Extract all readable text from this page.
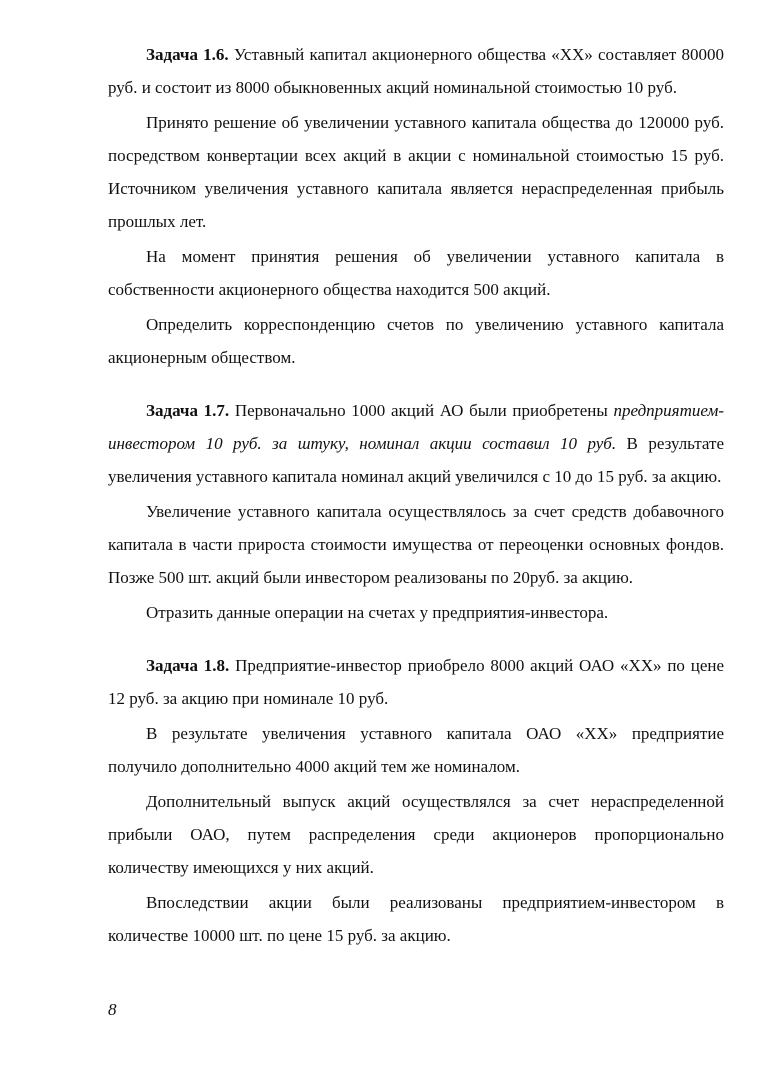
Задача 1.6. Уставный капитал акционерного общества «XX» составляет 80000 руб. и состоит из 8000 обыкновенных акций номинальной стоимостью 10 руб.

Принято решение об увеличении уставного капитала общества до 120000 руб. посредством конвертации всех акций в акции с номинальной стоимостью 15 руб. Источником увеличения уставного капитала является нераспределенная прибыль прошлых лет.

На момент принятия решения об увеличении уставного капитала в собственности акционерного общества находится 500 акций.

Определить корреспонденцию счетов по увеличению уставного капитала акционерным обществом.

Задача 1.7. Первоначально 1000 акций АО были приобретены предприятием-инвестором 10 руб. за штуку, номинал акции составил 10 руб. В результате увеличения уставного капитала номинал акций увеличился с 10 до 15 руб. за акцию.

Увеличение уставного капитала осуществлялось за счет средств добавочного капитала в части прироста стоимости имущества от переоценки основных фондов. Позже 500 шт. акций были инвестором реализованы по 20руб. за акцию.

Отразить данные операции на счетах у предприятия-инвестора.

Задача 1.8. Предприятие-инвестор приобрело 8000 акций ОАО «XX» по цене 12 руб. за акцию при номинале 10 руб.

В результате увеличения уставного капитала ОАО «XX» предприятие получило дополнительно 4000 акций тем же номиналом.

Дополнительный выпуск акций осуществлялся за счет нераспределенной прибыли ОАО, путем распределения среди акционеров пропорционально количеству имеющихся у них акций.

Впоследствии акции были реализованы предприятием-инвестором в количестве 10000 шт. по цене 15 руб. за акцию.

8
